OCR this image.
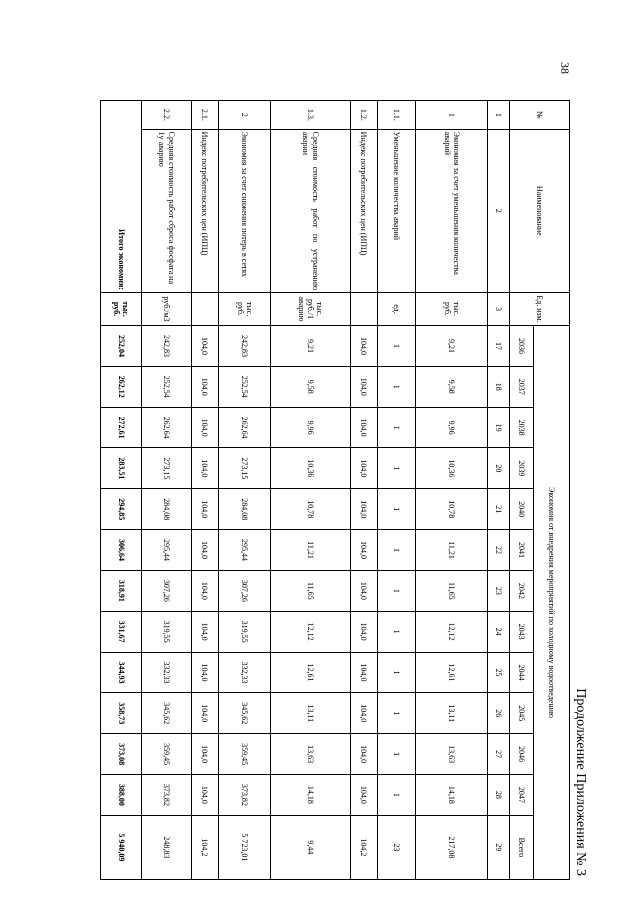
38
Продолжение Приложения № 3
№	Наименование	Ед. изм.	Экономия от внедрения мероприятий по холодному водоотведению												
			2036	2037	2038	2039	2040	2041	2042	2043	2044	2045	2046	2047	Всего
1	2	3	17	18	19	20	21	22	23	24	25	26	27	28	29
1	Экономия за счет уменьшения количества аварий	тыс. руб.	9,21	9,58	9,96	10,36	10,78	11,21	11,65	12,12	12,61	13,11	13,63	14,18	217,08
1.1.	Уменьшение количества аварий	ед.	1	1	1	1	1	1	1	1	1	1	1	1	23
1.2.	Индекс потребительских цен (ИПЦ)		104,0	104,0	104,0	104,0	104,0	104,0	104,0	104,0	104,0	104,0	104,0	104,0	104,2
1.3.	Средняя стоимость работ по устранению аварии	тыс. руб./1 аварию	9,21	9,58	9,96	10,36	10,78	11,21	11,65	12,12	12,61	13,11	13,63	14,18	9,44
2	Экономия за счет снижения потерь в сетях	тыс. руб.	242,83	252,54	262,64	273,15	284,08	295,44	307,26	319,55	332,33	345,62	359,45	373,82	5 723,01
2.1.	Индекс потребительских цен (ИПЦ)		104,0	104,0	104,0	104,0	104,0	104,0	104,0	104,0	104,0	104,0	104,0	104,0	104,2
2.2.	Средняя стоимость работ сброса фосфата на 1у аварию	руб./м3	242,83	252,54	262,64	273,15	284,08	295,44	307,26	319,55	332,33	345,62	359,45	373,82	248,83
Итого экономия:		тыс. руб.	252,04	262,12	272,61	283,51	294,85	306,64	318,91	331,67	344,93	358,73	373,08	388,00	5 940,09
